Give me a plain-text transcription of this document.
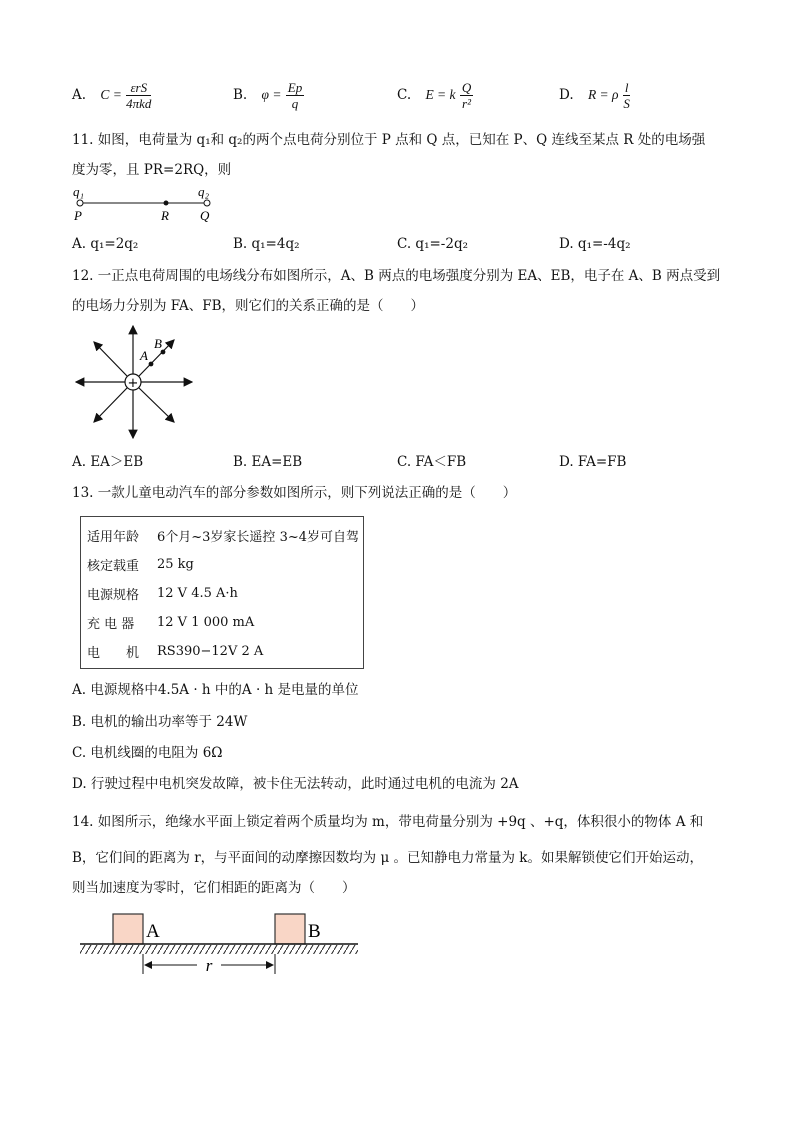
A. $C = \frac{\text{εrS}}{\text{4πkd}}$	B. $\varphi = \frac{Ep}{q}$	C. E = k $\frac{Q}{\text{r²}}$	D. R = ρ $\frac{l}{S}$
11. 如图，电荷量为 q₁和 q₂的两个点电荷分别位于 P 点和 Q 点，已知在 P、Q 连线至某点 R 处的电场强
度为零，且 PR=2RQ，则
q₁	q₂
P	R Q
A. q₁=2q₂	B. q₁=4q₂	C. q₁=-2q₂	D. q₁=-4q₂
12. 一正点电荷周围的电场线分布如图所示，A、B 两点的电场强度分别为 EA、EB，电子在 A、B 两点受到
的电场力分别为 FA、FB，则它们的关系正确的是（　　）
+
A
B
A. EA＞EB	B. EA=EB	C. FA＜FB	D. FA=FB
13. 一款儿童电动汽车的部分参数如图所示，则下列说法正确的是（　　）
适用年龄	6个月~3岁家长遥控 3~4岁可自驾
核定载重	25 kg
电源规格	12 V 4.5 A·h
充 电 器	12 V 1 000 mA
电　　机	RS390−12V 2 A
A. 电源规格中4.5A · h 中的A · h 是电量的单位
B. 电机的输出功率等于 24W
C. 电机线圈的电阻为 6Ω
D. 行驶过程中电机突发故障，被卡住无法转动，此时通过电机的电流为 2A
14. 如图所示，绝缘水平面上锁定着两个质量均为 m，带电荷量分别为 +9q 、+q，体积很小的物体 A 和
B，它们间的距离为 r，与平面间的动摩擦因数均为 μ 。已知静电力常量为 k。如果解锁使它们开始运动，
则当加速度为零时，它们相距的距离为（　　）
A	B
r
